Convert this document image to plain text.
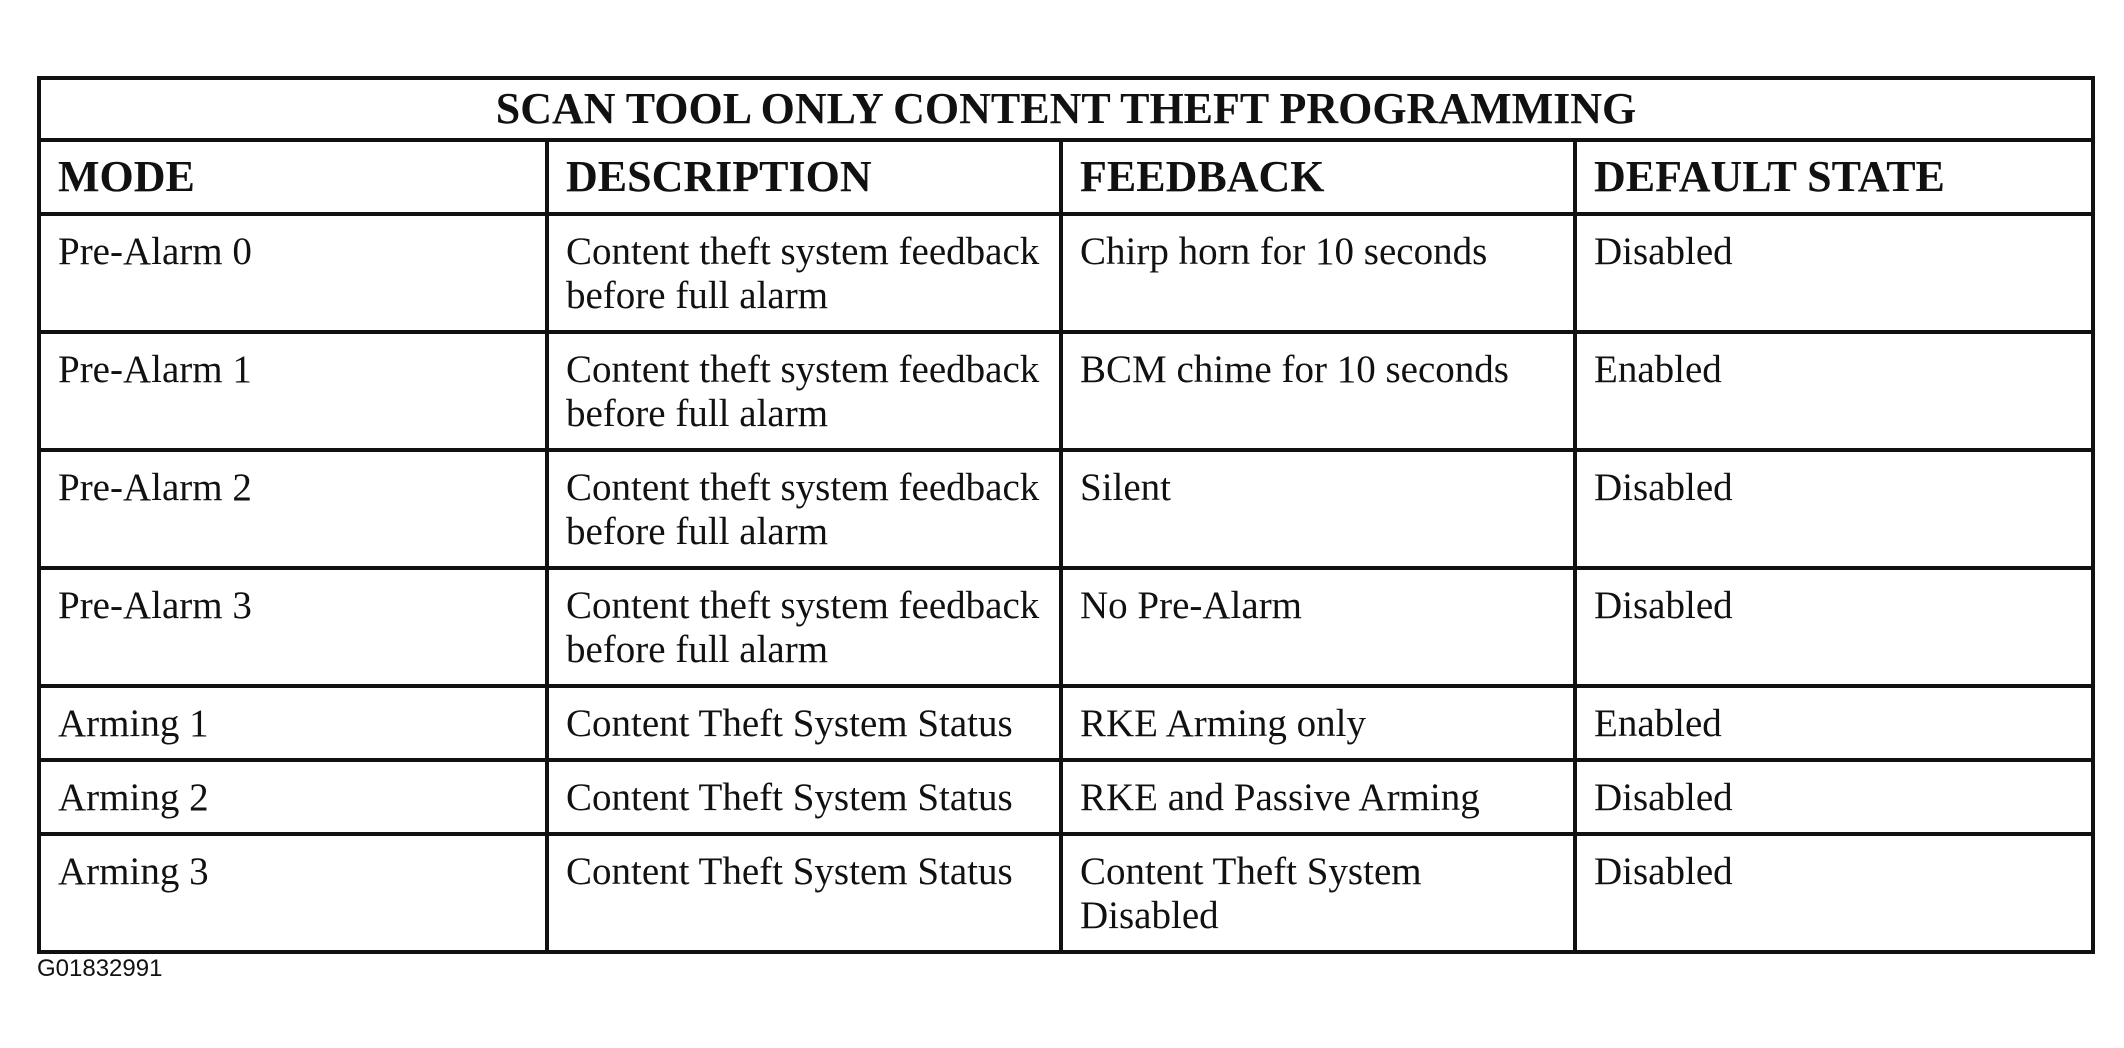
SCAN TOOL ONLY CONTENT THEFT PROGRAMMING			
MODE	DESCRIPTION	FEEDBACK	DEFAULT STATE
Pre-Alarm 0	Content theft system feedback before full alarm	Chirp horn for 10 seconds	Disabled
Pre-Alarm 1	Content theft system feedback before full alarm	BCM chime for 10 seconds	Enabled
Pre-Alarm 2	Content theft system feedback before full alarm	Silent	Disabled
Pre-Alarm 3	Content theft system feedback before full alarm	No Pre-Alarm	Disabled
Arming 1	Content Theft System Status	RKE Arming only	Enabled
Arming 2	Content Theft System Status	RKE and Passive Arming	Disabled
Arming 3	Content Theft System Status	Content Theft System Disabled	Disabled
G01832991
